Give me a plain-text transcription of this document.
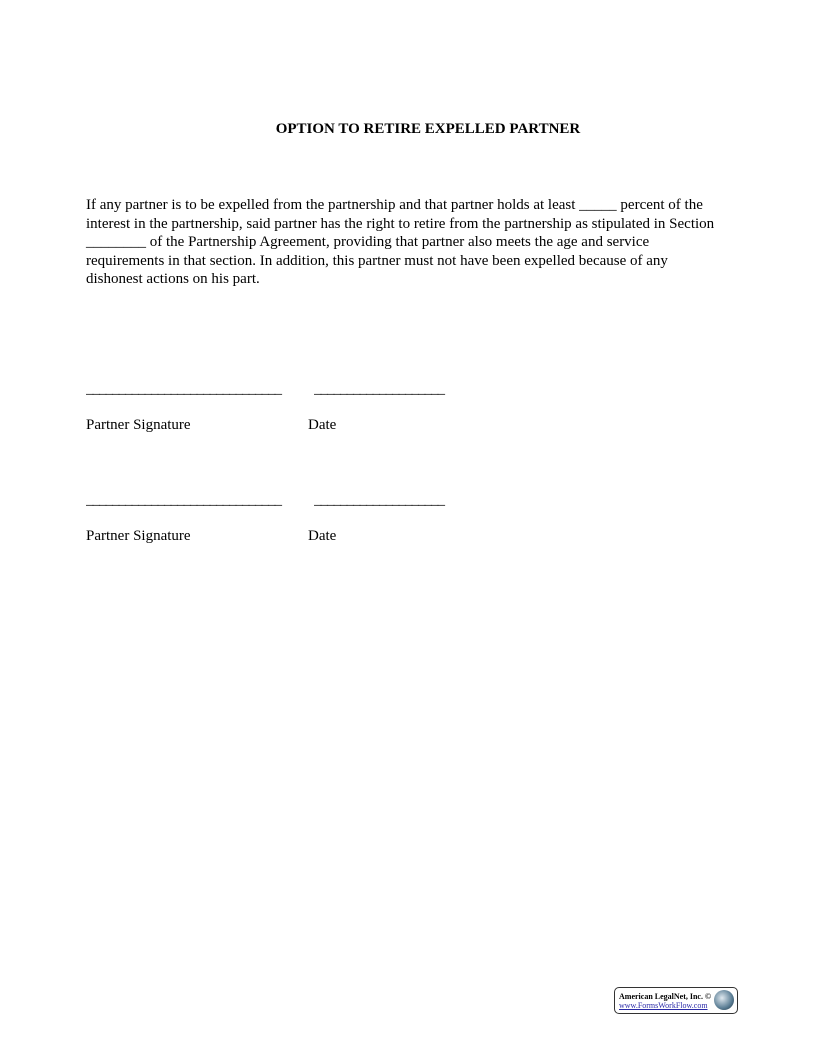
OPTION TO RETIRE EXPELLED PARTNER
If any partner is to be expelled from the partnership and that partner holds at least _____ percent of the
interest in the partnership, said partner has the right to retire from the partnership as stipulated in Section
________ of the Partnership Agreement, providing that partner also meets the age and service
requirements in that section. In addition, this partner must not have been expelled because of any
dishonest actions on his part.
______________________________	____________________
Partner Signature	Date
______________________________	____________________
Partner Signature	Date
American LegalNet, Inc. ©
www.FormsWorkFlow.com
